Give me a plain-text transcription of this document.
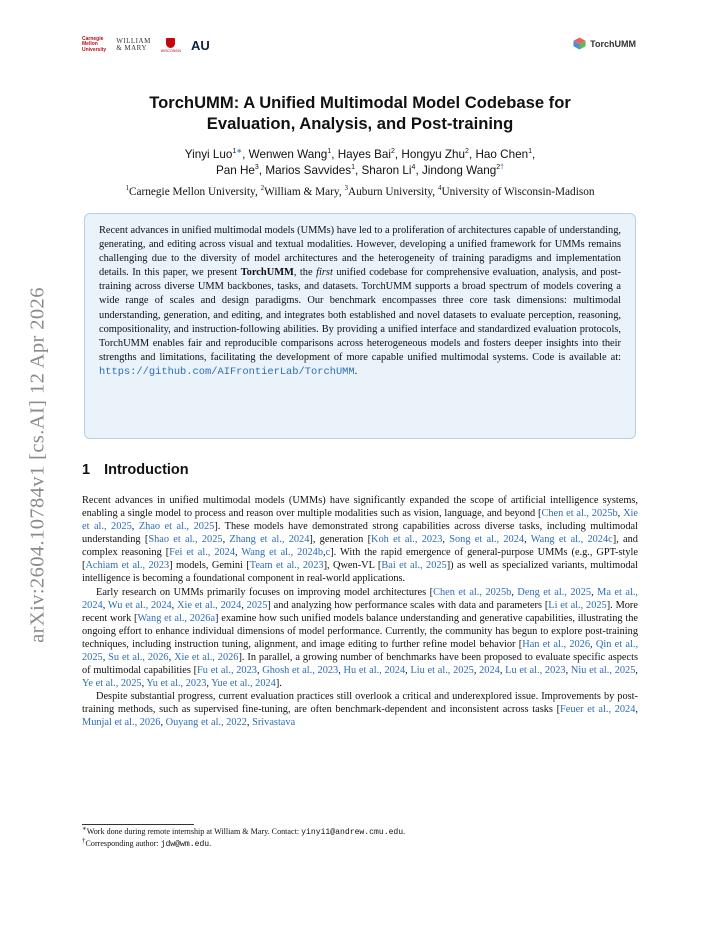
arXiv:2604.10784v1 [cs.AI] 12 Apr 2026
Carnegie
Mellon
University
WILLIAM
& MARY	WISCONSIN AU	TorchUMM
TorchUMM: A Unified Multimodal Model Codebase for
Evaluation, Analysis, and Post-training
Yinyi Luo$^{1∗}$, Wenwen Wang$^1$, Hayes Bai$^2$, Hongyu Zhu$^2$, Hao Chen$^1$,
Pan He$^3$, Marios Savvides$^1$, Sharon Li$^4$, Jindong Wang$^{2\dagger}$
$^1$Carnegie Mellon University, $^2$William & Mary, $^3$Auburn University, $^4$University of Wisconsin-Madison
Recent advances in unified multimodal models (UMMs) have led to a proliferation of architectures capable of understanding, generating, and editing across visual and textual modalities. However, developing a unified framework for UMMs remains challenging due to the diversity of model architectures and the heterogeneity of training paradigms and implementation details. In this paper, we present TorchUMM, the first unified codebase for comprehensive evaluation, analysis, and post-training across diverse UMM backbones, tasks, and datasets. TorchUMM supports a broad spectrum of models covering a wide range of scales and design paradigms. Our benchmark encompasses three core task dimensions: multimodal understanding, generation, and editing, and integrates both established and novel datasets to evaluate perception, reasoning, compositionality, and instruction-following abilities. By providing a unified interface and standardized evaluation protocols, TorchUMM enables fair and reproducible comparisons across heterogeneous models and fosters deeper insights into their strengths and limitations, facilitating the development of more capable unified multimodal systems. Code is available at: https://github.com/AIFrontierLab/TorchUMM.
1 Introduction

Recent advances in unified multimodal models (UMMs) have significantly expanded the scope of artificial intelligence systems, enabling a single model to process and reason over multiple modalities such as vision, language, and beyond [Chen et al., 2025b, Xie et al., 2025, Zhao et al., 2025]. These models have demonstrated strong capabilities across diverse tasks, including multimodal understanding [Shao et al., 2025, Zhang et al., 2024], generation [Koh et al., 2023, Song et al., 2024, Wang et al., 2024c], and complex reasoning [Fei et al., 2024, Wang et al., 2024b,c]. With the rapid emergence of general-purpose UMMs (e.g., GPT-style [Achiam et al., 2023] models, Gemini [Team et al., 2023], Qwen-VL [Bai et al., 2025]) as well as specialized variants, multimodal intelligence is becoming a foundational component in real-world applications.

Early research on UMMs primarily focuses on improving model architectures [Chen et al., 2025b, Deng et al., 2025, Ma et al., 2024, Wu et al., 2024, Xie et al., 2024, 2025] and analyzing how performance scales with data and parameters [Li et al., 2025]. More recent work [Wang et al., 2026a] examine how such unified models balance understanding and generative capabilities, illustrating the ongoing effort to enhance individual dimensions of model performance. Currently, the community has begun to explore post-training techniques, including instruction tuning, alignment, and image editing to further refine model behavior [Han et al., 2026, Qin et al., 2025, Su et al., 2026, Xie et al., 2026]. In parallel, a growing number of benchmarks have been proposed to evaluate specific aspects of multimodal capabilities [Fu et al., 2023, Ghosh et al., 2023, Hu et al., 2024, Liu et al., 2025, 2024, Lu et al., 2023, Niu et al., 2025, Ye et al., 2025, Yu et al., 2023, Yue et al., 2024].

Despite substantial progress, current evaluation practices still overlook a critical and underexplored issue. Improvements by post-training methods, such as supervised fine-tuning, are often benchmark-dependent and inconsistent across tasks [Feuer et al., 2024, Munjal et al., 2026, Ouyang et al., 2022, Srivastava

∗Work done during remote internship at William & Mary. Contact: yinyi1@andrew.cmu.edu.
†Corresponding author: jdw@wm.edu.
